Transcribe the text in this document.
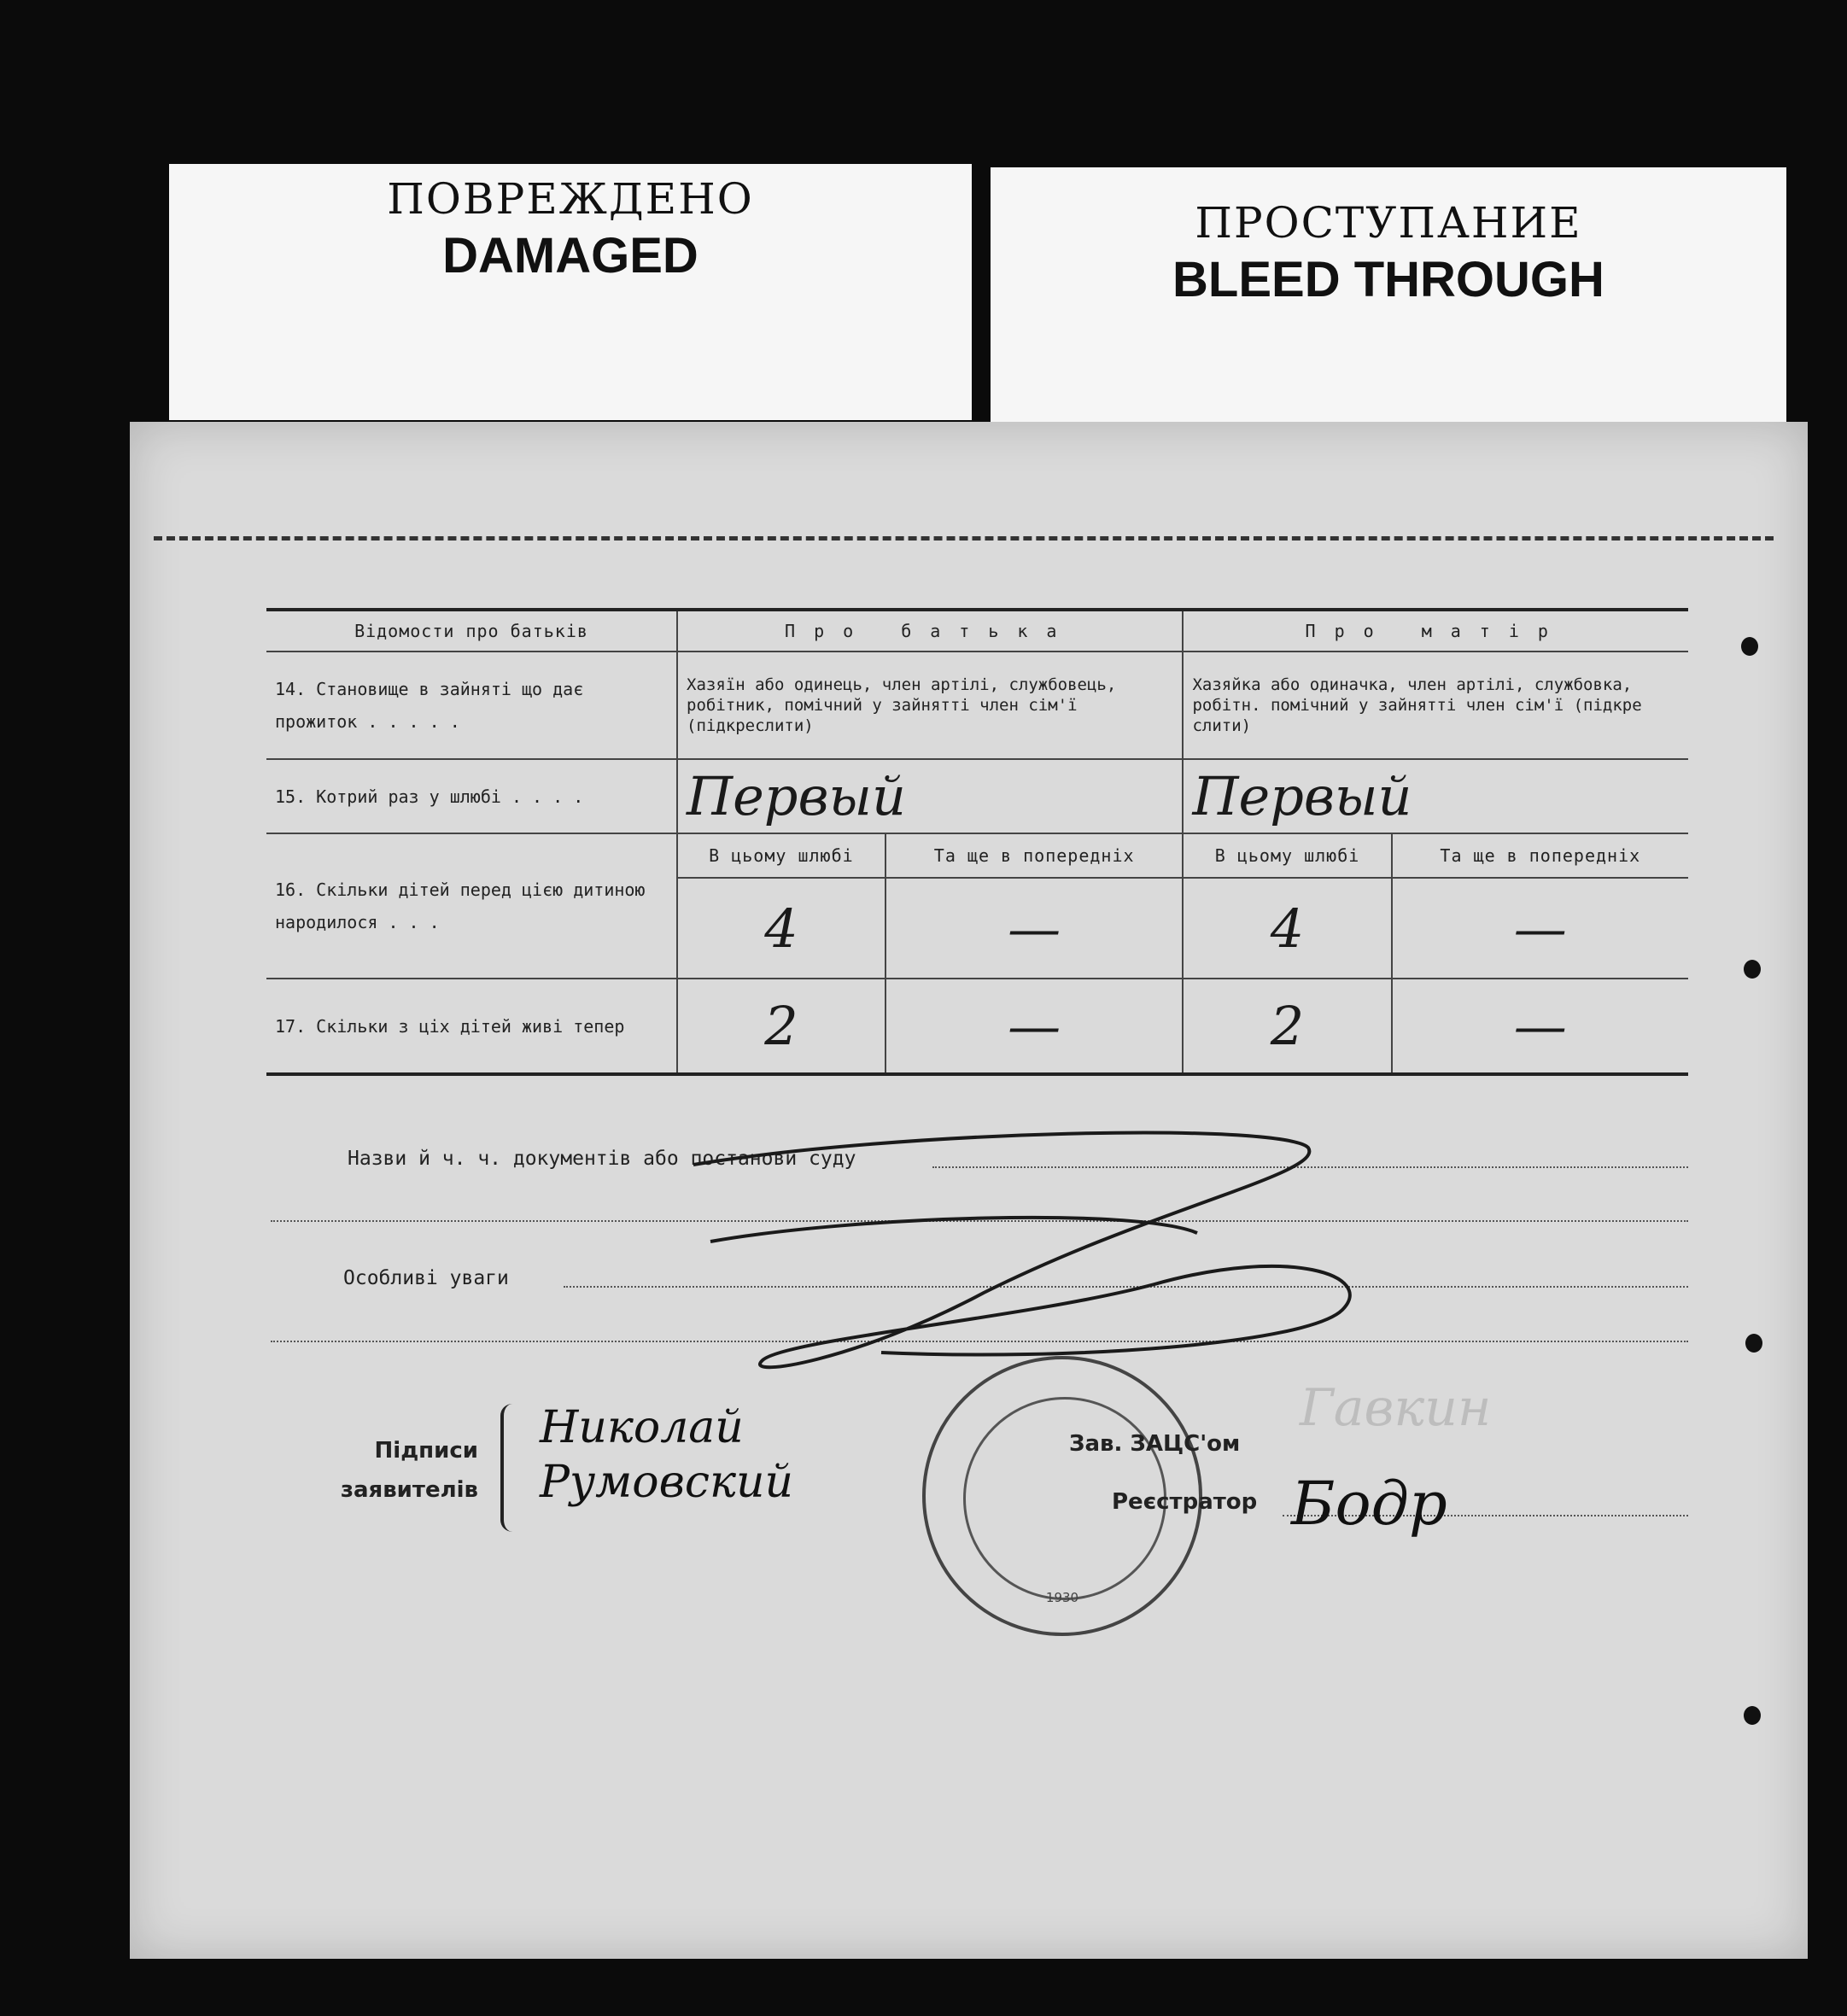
ПОВРЕЖДЕНО
DAMAGED
ПРОСТУПАНИЕ
BLEED THROUGH
Відомости про батьків	Про батька		Про матір	
14. Становище в зайняті що дає прожиток . . . . .	Хазяїн або одинець, член артілі, службовець, робітник, помічний у зайнятті член сім'ї (підкреслити)		Хазяйка або одиначка, член артілі, службовка, робітн. помічний у зайнятті член сім'ї (підкре слити)	
15. Котрий раз у шлюбі . . . .	Первый		Первый	
16. Скільки дітей перед цією дитиною народилося . . .	В цьому шлюбі	Та ще в попередніх	В цьому шлюбі	Та ще в попередніх
	4	—	4	—
17. Скільки з ціх дітей живі тепер	2	—	2	—
Назви й ч. ч. документів або постанови суду
Особливі уваги
Гавкин
Підписи
заявителів
Николай
Румовский
1930
Зав. ЗАЦС'ом
Реєстратор Бодр
